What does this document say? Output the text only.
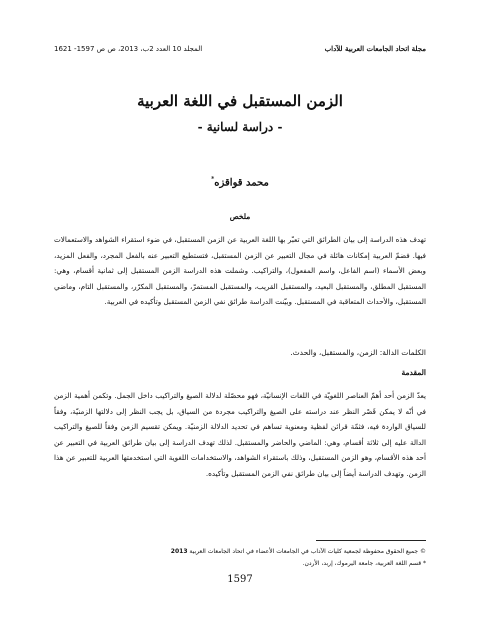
مجلة اتحاد الجامعات العربية للآداب
المجلد 10 العدد 2ب، 2013، ص ص 1597- 1621
الزمن المستقبل في اللغة العربية
- دراسة لسانية -
محمد قواقزه*
ملخص
تهدف هذه الدراسة إلى بيان الطرائق التي تعبّر بها اللغة العربية عن الزمن المستقبل، في ضوء استقراء الشواهد والاستعمالات فيها. فضمّ العربية إمكانات هائلة في مجال التعبير عن الزمن المستقبل، فتستطيع التعبير عنه بالفعل المجرد، والفعل المزيد، وبعض الأسماء (اسم الفاعل، واسم المفعول)، والتراكيب. وشملت هذه الدراسة الزمن المستقبل إلى ثمانية أقسام، وهي: المستقبل المطلق، والمستقبل البعيد، والمستقبل القريب، والمستقبل المستمرّ، والمستقبل المكرّر، والمستقبل التام، وماضي المستقبل، والأحداث المتعاقبة في المستقبل. وبيّنت الدراسة طرائق نفي الزمن المستقبل وتأكيده في العربية.
الكلمات الدالة: الزمن، والمستقبل، والحدث.
المقدمة
يعدّ الزمن أحد أهمّ العناصر اللغويّة في اللغات الإنسانيّة، فهو محصّلة لدلالة الصيغ والتراكيب داخل الجمل. وتكمن أهمية الزمن في أنّه لا يمكن قَصْر النظر عند دراسته على الصيغ والتراكيب مجردة من السياق، بل يجب النظر إلى دلالتها الزمنيّة، وفقاً للسياق الواردة فيه، فثمّة قرائن لفظية ومعنوية تساهم في تحديد الدلالة الزمنيّة. ويمكن تقسيم الزمن وفقاً للصيغ والتراكيب الدالة عليه إلى ثلاثة أقسام، وهي: الماضي والحاضر والمستقبل. لذلك تهدف الدراسة إلى بيان طرائق العربية في التعبير عن أحد هذه الأقسام، وهو الزمن المستقبل، وذلك باستقراء الشواهد، والاستخدامات اللغوية التي استخدمتها العربية للتعبير عن هذا الزمن. وتهدف الدراسة أيضاً إلى بيان طرائق نفي الزمن المستقبل وتأكيده.
© جميع الحقوق محفوظة لجمعية كليات الآداب في الجامعات الأعضاء في اتحاد الجامعات العربية 2013
* قسم اللغة العربية، جامعة اليرموك، إربد، الأردن.
1597
